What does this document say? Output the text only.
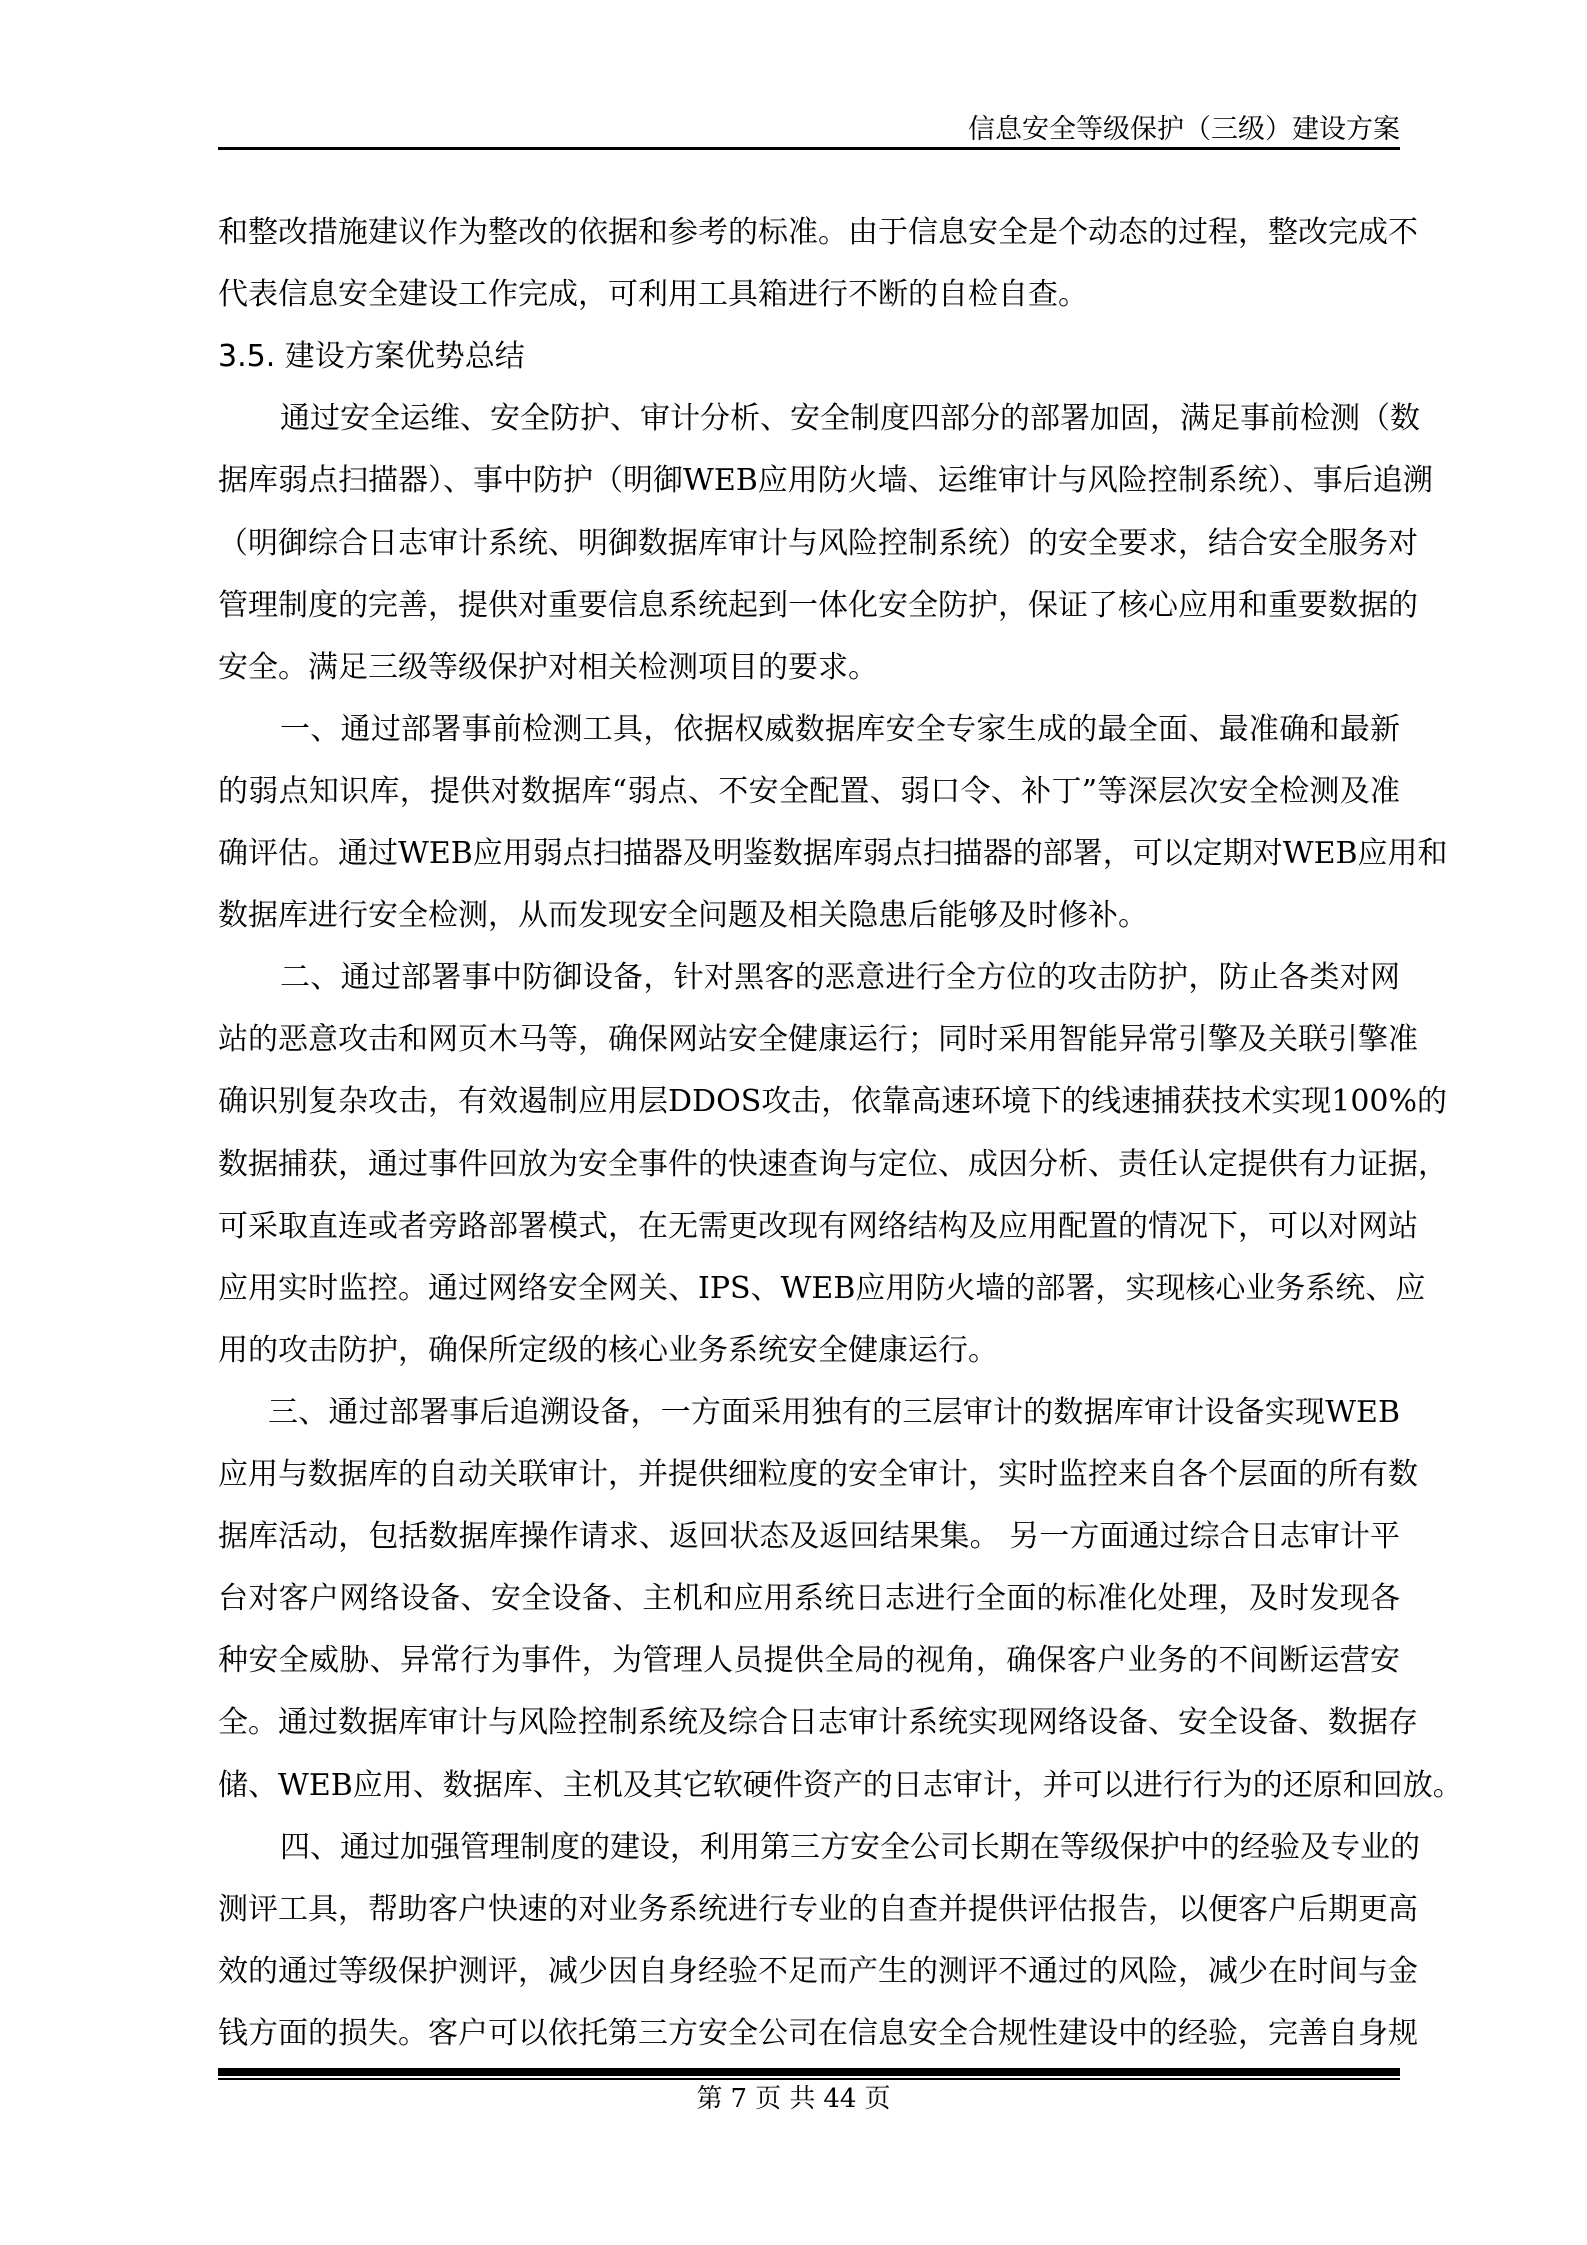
信息安全等级保护（三级）建设方案
和整改措施建议作为整改的依据和参考的标准。由于信息安全是个动态的过程，整改完成不
代表信息安全建设工作完成，可利用工具箱进行不断的自检自查。
3.5. 建设方案优势总结
通过安全运维、安全防护、审计分析、安全制度四部分的部署加固，满足事前检测（数
据库弱点扫描器）、事中防护（明御WEB应用防火墙、运维审计与风险控制系统）、事后追溯
（明御综合日志审计系统、明御数据库审计与风险控制系统）的安全要求，结合安全服务对
管理制度的完善，提供对重要信息系统起到一体化安全防护，保证了核心应用和重要数据的
安全。满足三级等级保护对相关检测项目的要求。
一、通过部署事前检测工具，依据权威数据库安全专家生成的最全面、最准确和最新
的弱点知识库，提供对数据库“弱点、不安全配置、弱口令、补丁”等深层次安全检测及准
确评估。通过WEB应用弱点扫描器及明鉴数据库弱点扫描器的部署，可以定期对WEB应用和
数据库进行安全检测，从而发现安全问题及相关隐患后能够及时修补。
二、通过部署事中防御设备，针对黑客的恶意进行全方位的攻击防护，防止各类对网
站的恶意攻击和网页木马等，确保网站安全健康运行；同时采用智能异常引擎及关联引擎准
确识别复杂攻击，有效遏制应用层DDOS攻击，依靠高速环境下的线速捕获技术实现100%的
数据捕获，通过事件回放为安全事件的快速查询与定位、成因分析、责任认定提供有力证据，
可采取直连或者旁路部署模式，在无需更改现有网络结构及应用配置的情况下，可以对网站
应用实时监控。通过网络安全网关、IPS、WEB应用防火墙的部署，实现核心业务系统、应
用的攻击防护，确保所定级的核心业务系统安全健康运行。
三、通过部署事后追溯设备，一方面采用独有的三层审计的数据库审计设备实现WEB
应用与数据库的自动关联审计，并提供细粒度的安全审计，实时监控来自各个层面的所有数
据库活动，包括数据库操作请求、返回状态及返回结果集。 另一方面通过综合日志审计平
台对客户网络设备、安全设备、主机和应用系统日志进行全面的标准化处理，及时发现各
种安全威胁、异常行为事件，为管理人员提供全局的视角，确保客户业务的不间断运营安
全。通过数据库审计与风险控制系统及综合日志审计系统实现网络设备、安全设备、数据存
储、WEB应用、数据库、主机及其它软硬件资产的日志审计，并可以进行行为的还原和回放。
四、通过加强管理制度的建设，利用第三方安全公司长期在等级保护中的经验及专业的
测评工具，帮助客户快速的对业务系统进行专业的自查并提供评估报告，以便客户后期更高
效的通过等级保护测评，减少因自身经验不足而产生的测评不通过的风险，减少在时间与金
钱方面的损失。客户可以依托第三方安全公司在信息安全合规性建设中的经验，完善自身规
第 7 页 共 44 页
